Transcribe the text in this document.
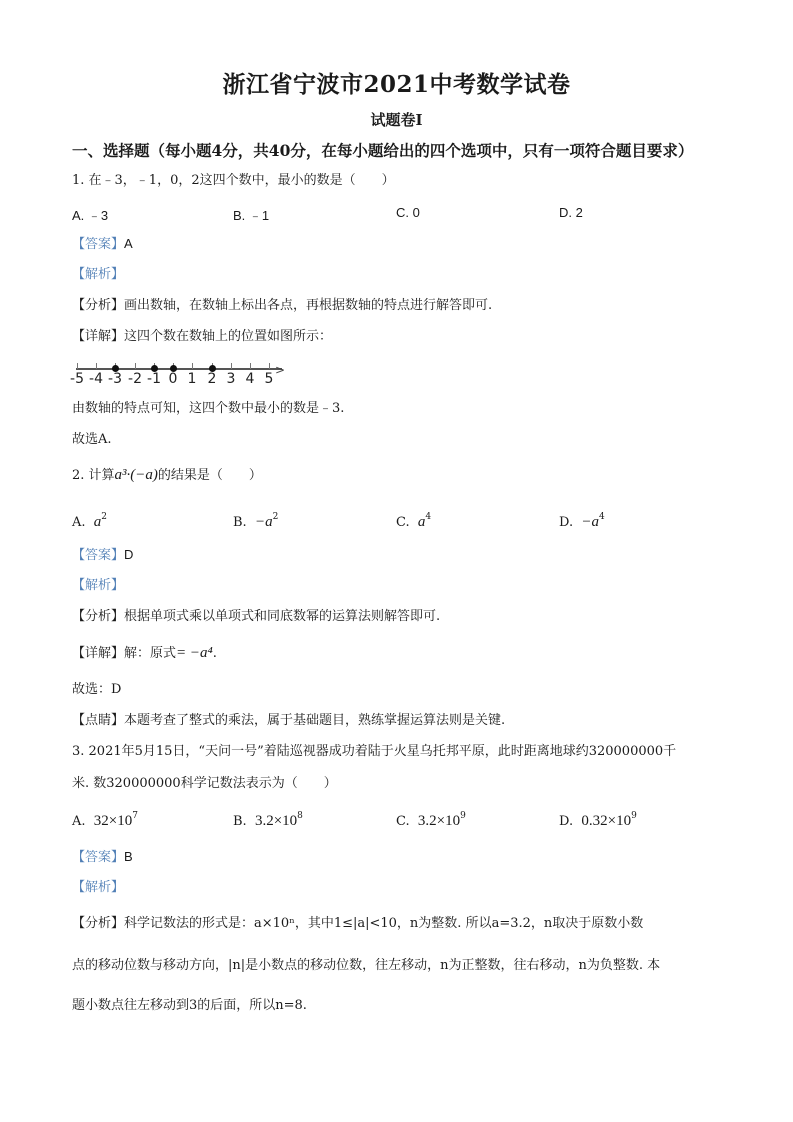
浙江省宁波市2021中考数学试卷
试题卷Ⅰ
一、选择题（每小题4分，共40分，在每小题给出的四个选项中，只有一项符合题目要求）
1. 在﹣3，﹣1，0，2这四个数中，最小的数是（　　）
A. ﹣3	B. ﹣1	C. 0	D. 2
【答案】A
【解析】
【分析】画出数轴，在数轴上标出各点，再根据数轴的特点进行解答即可.
【详解】这四个数在数轴上的位置如图所示：
>
-5 -4 -3 -2 -1 0 1 2 3 4 5
由数轴的特点可知，这四个数中最小的数是﹣3.
故选A.
2. 计算a³·(−a)的结果是（　　）
A. $a^2$	B. $-a^2$	C. $a^4$	D. $-a^4$
【答案】D
【解析】
【分析】根据单项式乘以单项式和同底数幂的运算法则解答即可.
【详解】解：原式= −a⁴.
故选：D
【点睛】本题考查了整式的乘法，属于基础题目，熟练掌握运算法则是关键.
3. 2021年5月15日，“天问一号”着陆巡视器成功着陆于火星乌托邦平原，此时距离地球约320000000千
米. 数320000000科学记数法表示为（　　）
A. $32\times 10^7$	B. $3.2\times 10^8$	C. $3.2\times 10^9$	D. $0.32\times 10^9$
【答案】B
【解析】
【分析】科学记数法的形式是：a×10ⁿ，其中1≤|a|<10，n为整数. 所以a=3.2，n取决于原数小数
点的移动位数与移动方向，|n|是小数点的移动位数，往左移动，n为正整数，往右移动，n为负整数. 本
题小数点往左移动到3的后面，所以n=8.
